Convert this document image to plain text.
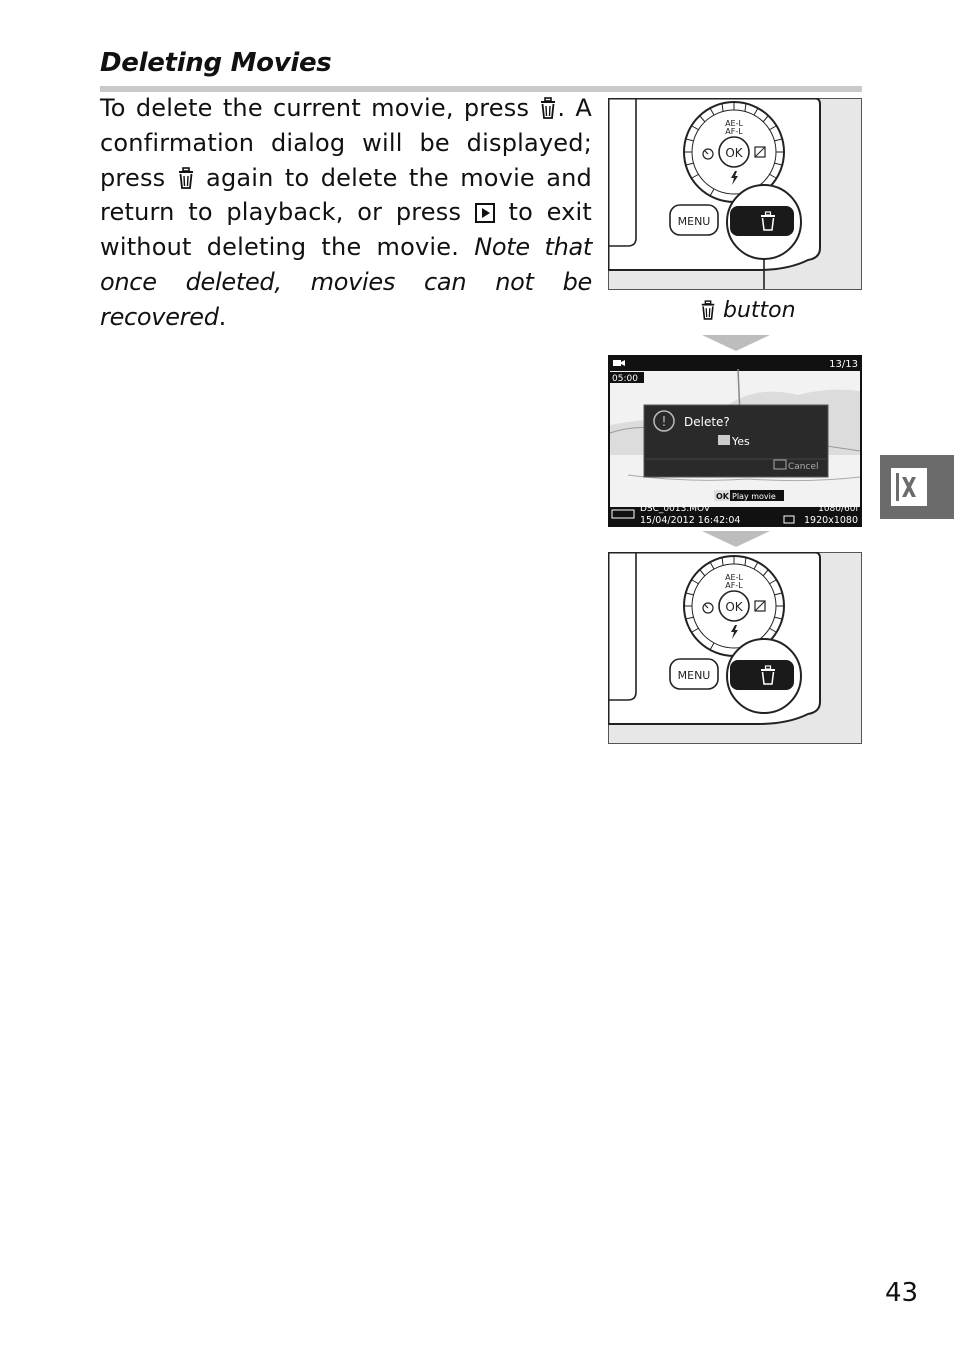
Deleting Movies
To delete the current movie, press . A confirmation dialog will be displayed; press again to delete the movie and return to playback, or press to exit without deleting the movie. Note that once deleted, movies can not be recovered.
AE-L
AF-L
OK
MENU
button
13/13
05:00
! Delete?
Yes
Cancel
OK Play movie
DSC_0013.MOV	1080/60i
15/04/2012 16:42:04	1920x1080
AE-L
AF-L
OK
MENU
43
